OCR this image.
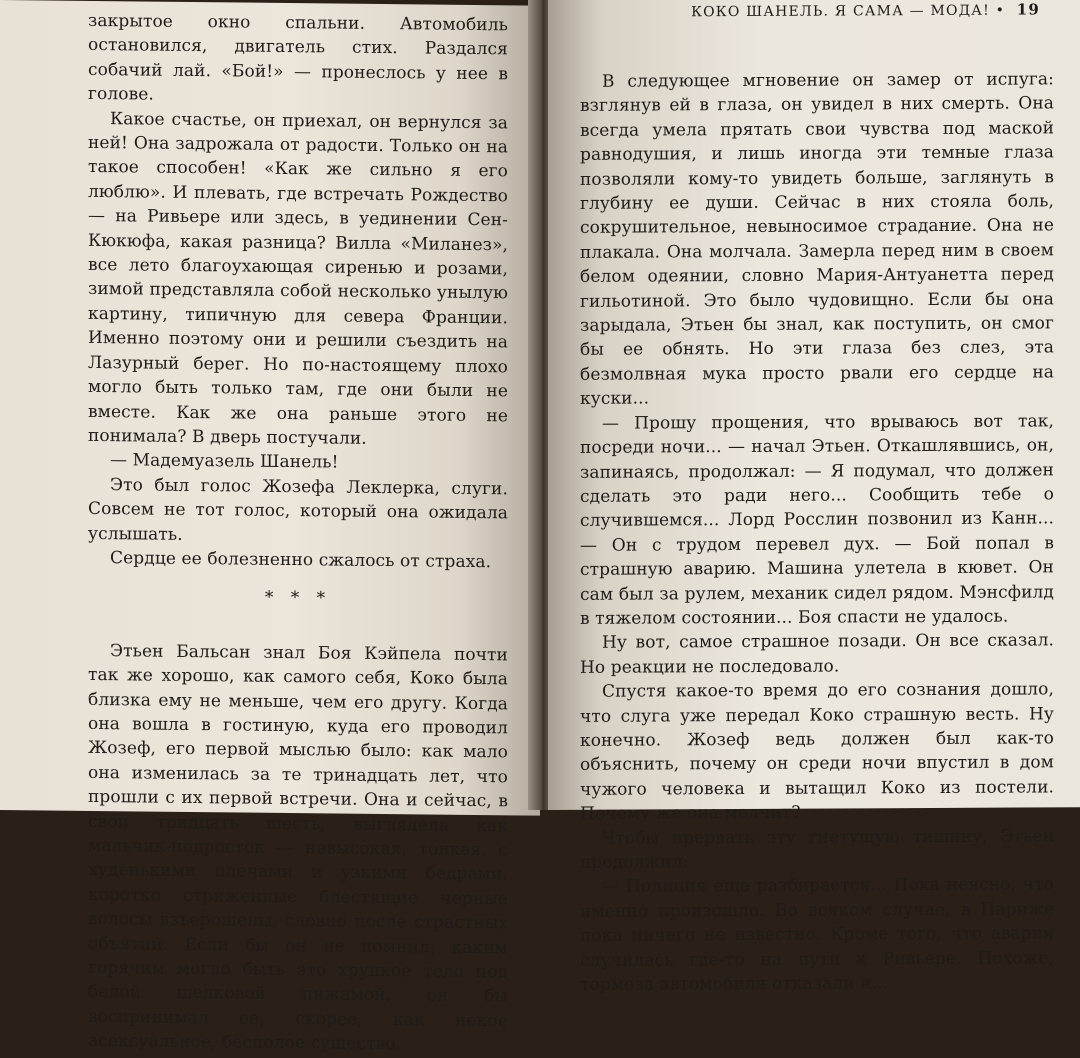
закрытое окно спальни. Автомобиль остановился, двигатель стих. Раздался собачий лай. «Бой!» — пронеслось у нее в голове.

Какое счастье, он приехал, он вернулся за ней! Она задрожала от радости. Только он на такое способен! «Как же сильно я его люблю». И плевать, где встречать Рождество — на Ривьере или здесь, в уединении Сен-Кюкюфа, какая разница? Вилла «Миланез», все лето благоухающая сиренью и розами, зимой представляла собой несколько унылую картину, типичную для севера Франции. Именно поэтому они и решили съездить на Лазурный берег. Но по-настоящему плохо могло быть только там, где они были не вместе. Как же она раньше этого не понимала? В дверь постучали.

— Мадемуазель Шанель!

Это был голос Жозефа Леклерка, слуги. Совсем не тот голос, который она ожидала услышать.

Сердце ее болезненно сжалось от страха.

* * *

Этьен Бальсан знал Боя Кэйпела почти так же хорошо, как самого себя, Коко была близка ему не меньше, чем его другу. Когда она вошла в гостиную, куда его проводил Жозеф, его первой мыслью было: как мало она изменилась за те тринадцать лет, что прошли с их первой встречи. Она и сейчас, в свои тридцать шесть, выглядела как мальчик-подросток — невысокая, тонкая, с худенькими плечами и узкими бедрами, коротко стриженные блестящие черные волосы взъерошены, словно после страстных объятий. Если бы он не помнил, каким горячим могло быть это хрупкое тело под белой шелковой пижамой, он бы воспринимал ее, скорее, как некое асексуальное, бесполое существо.

КОКО ШАНЕЛЬ. Я САМА — МОДА! • 19

В следующее мгновение он замер от испуга: взглянув ей в глаза, он увидел в них смерть. Она всегда умела прятать свои чувства под маской равнодушия, и лишь иногда эти темные глаза позволяли кому-то увидеть больше, заглянуть в глубину ее души. Сейчас в них стояла боль, сокрушительное, невыносимое страдание. Она не плакала. Она молчала. Замерла перед ним в своем белом одеянии, словно Мария-Антуанетта перед гильотиной. Это было чудовищно. Если бы она зарыдала, Этьен бы знал, как поступить, он смог бы ее обнять. Но эти глаза без слез, эта безмолвная мука просто рвали его сердце на куски...

— Прошу прощения, что врываюсь вот так, посреди ночи... — начал Этьен. Откашлявшись, он, запинаясь, продолжал: — Я подумал, что должен сделать это ради него... Сообщить тебе о случившемся... Лорд Росслин позвонил из Канн... — Он с трудом перевел дух. — Бой попал в страшную аварию. Машина улетела в кювет. Он сам был за рулем, механик сидел рядом. Мэнсфилд в тяжелом состоянии... Боя спасти не удалось.

Ну вот, самое страшное позади. Он все сказал. Но реакции не последовало.

Спустя какое-то время до его сознания дошло, что слуга уже передал Коко страшную весть. Ну конечно. Жозеф ведь должен был как-то объяснить, почему он среди ночи впустил в дом чужого человека и вытащил Коко из постели. Почему же она молчит?

Чтобы прервать эту гнетущую тишину, Этьен продолжил:

— Полиция еще разбирается... Пока неясно, что именно произошло. Во всяком случае, в Париже пока ничего не известно. Кроме того, что авария случилась где-то на пути к Ривьере. Похоже, тормоза автомобиля отказали и...
